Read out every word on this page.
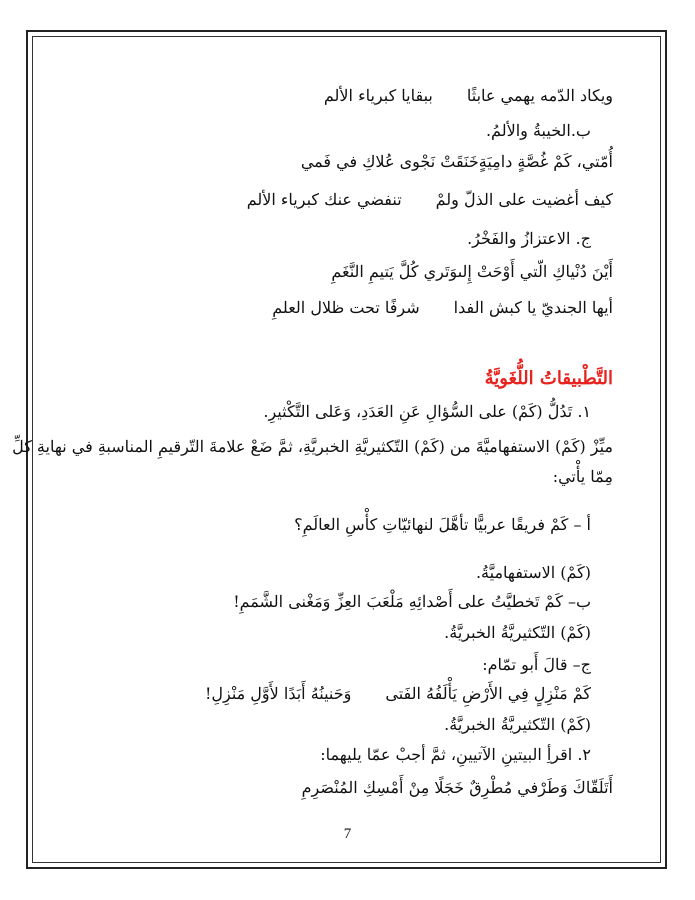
ويكاد الدّمه يهمي عابثًا
ببقايا كبرياء الألم
ب.الخيبةُ والألمُ.
أُمّتي، كَمْ غُصَّةٍ دامِيَةٍخَنَقَتْ نَجْوى عُلاكِ في فَمي
كيف أغضيت على الذلّ ولمْ
تنفضي عنك كبرياء الألم
ج. الاعتزازُ والفَخْرُ.
أَيْنَ دُنْياكِ الّتي أَوْحَتْ إِلىوَتَري كُلَّ يَتيمِ النَّغَمِ
أيها الجنديّ يا كبش الفدا
شرفًا تحت ظلال العلمِ
التَّطْبيقاتُ اللُّغَويَّةُ
١. تَدُلُّ (كَمْ) على السُّؤالِ عَنِ العَدَدِ، وَعَلى التَّكْثيرِ.
ميِّزْ (كَمْ) الاستفهاميَّةَ من (كَمْ) التّكثيريَّةِ الخبريَّةِ، ثمَّ ضَعْ علامةَ التّرقيمِ المناسبةِ في نهايةِ كلِّ
مِمّا يأْتي:
أ – كَمْ فريقًا عربيًّا تأهَّلَ لنهائيّاتِ كأْسِ العالَمِ؟
(كَمْ) الاستفهاميَّةُ.
ب– كَمْ تَخطيَّتُ على أَصْدائِهِ مَلْعَبَ العِزِّ وَمَغْنى الشَّمَمِ!
(كَمْ) التّكثيريَّةُ الخبريَّةُ.
ج– قالَ أَبو تمّام:
كَمْ مَنْزِلٍ فِي الأَرْضِ يَأْلَفُهُ الفَتى
وَحَنينُهُ أَبَدًا لأَوَّلِ مَنْزِلِ!
(كَمْ) التّكثيريَّةُ الخبريَّةُ.
٢. اقرأِ البيتينِ الآتيينِ، ثمَّ أجبْ عمّا يليهما:
أَتَلَقّاكَ وَطَرْفي مُطْرِقٌ خَجَلًا مِنْ أَمْسِكِ المُنْصَرِمِ
7
